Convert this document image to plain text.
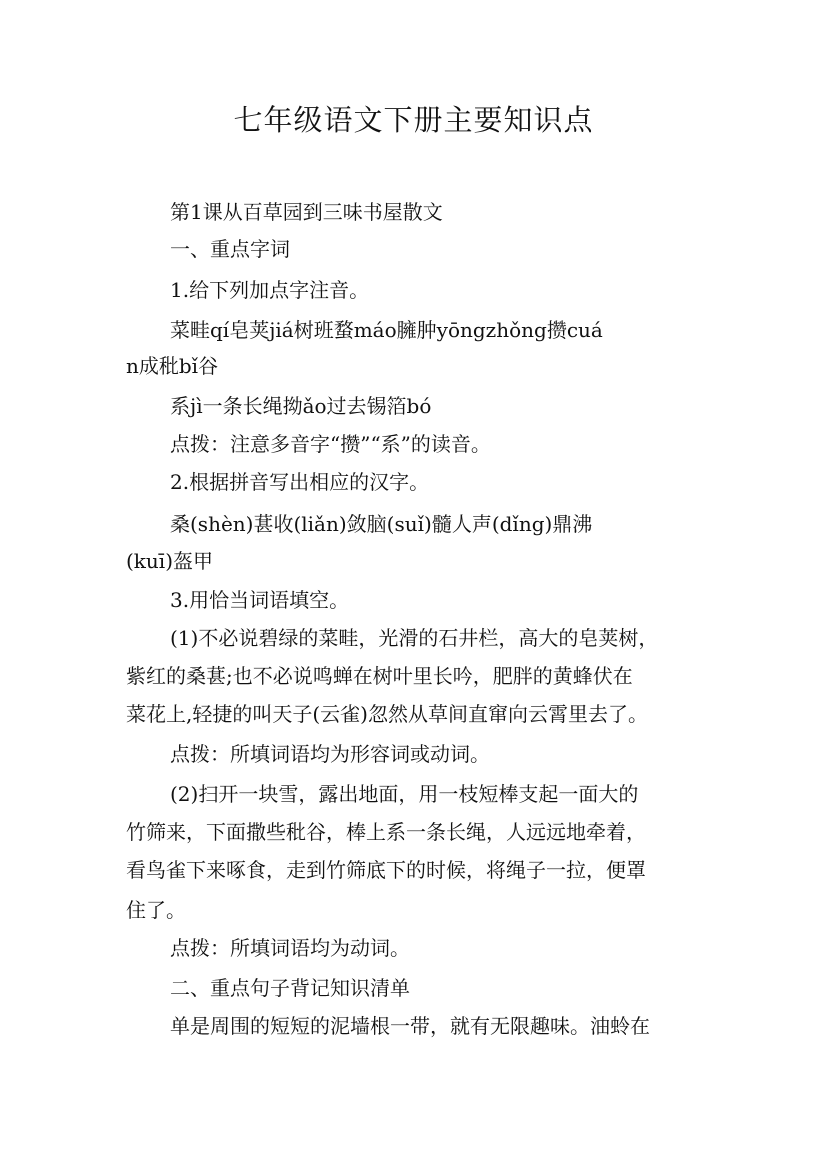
七年级语文下册主要知识点

第1课从百草园到三味书屋散文

一、重点字词

1.给下列加点字注音。

菜畦qí皂荚jiá树班蝥máo臃肿yōngzhǒng攒cuá

n成秕bǐ谷

系jì一条长绳拗ǎo过去锡箔bó

点拨：注意多音字“攒”“系”的读音。

2.根据拼音写出相应的汉字。

桑(shèn)葚收(liǎn)敛脑(suǐ)髓人声(dǐng)鼎沸

(kuī)盔甲

3.用恰当词语填空。

(1)不必说碧绿的菜畦，光滑的石井栏，高大的皂荚树，

紫红的桑葚;也不必说鸣蝉在树叶里长吟，肥胖的黄蜂伏在

菜花上,轻捷的叫天子(云雀)忽然从草间直窜向云霄里去了。

点拨：所填词语均为形容词或动词。

(2)扫开一块雪，露出地面，用一枝短棒支起一面大的

竹筛来，下面撒些秕谷，棒上系一条长绳，人远远地牵着，

看鸟雀下来啄食，走到竹筛底下的时候，将绳子一拉，便罩

住了。

点拨：所填词语均为动词。

二、重点句子背记知识清单

单是周围的短短的泥墙根一带，就有无限趣味。油蛉在
